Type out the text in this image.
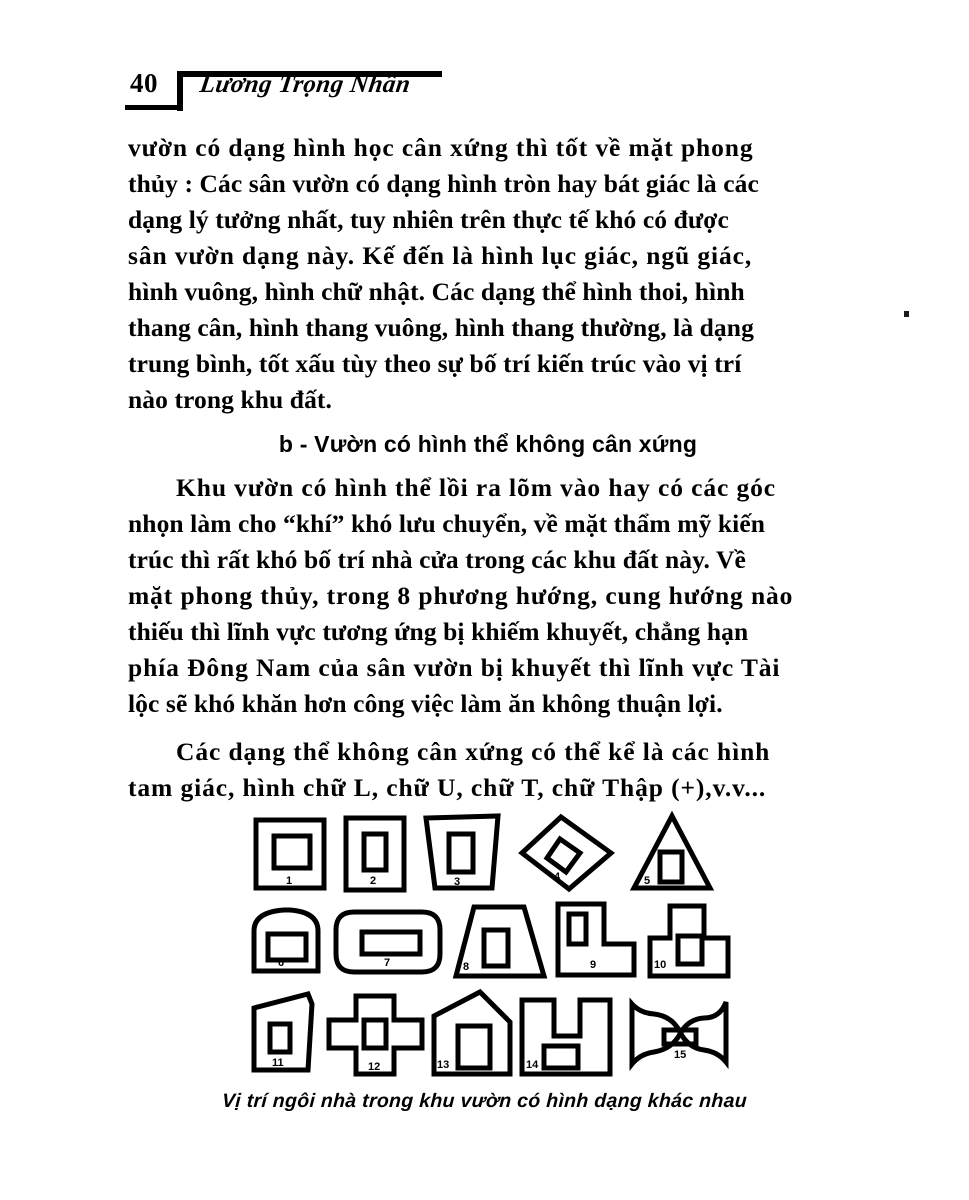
40 Lương Trọng Nhân

vườn có dạng hình học cân xứng thì tốt về mặt phong
thủy : Các sân vườn có dạng hình tròn hay bát giác là các
dạng lý tưởng nhất, tuy nhiên trên thực tế khó có được
sân vườn dạng này. Kế đến là hình lục giác, ngũ giác,
hình vuông, hình chữ nhật. Các dạng thể hình thoi, hình
thang cân, hình thang vuông, hình thang thường, là dạng
trung bình, tốt xấu tùy theo sự bố trí kiến trúc vào vị trí
nào trong khu đất.

b - Vườn có hình thể không cân xứng

Khu vườn có hình thể lồi ra lõm vào hay có các góc
nhọn làm cho “khí” khó lưu chuyển, về mặt thẩm mỹ kiến
trúc thì rất khó bố trí nhà cửa trong các khu đất này. Về
mặt phong thủy, trong 8 phương hướng, cung hướng nào
thiếu thì lĩnh vực tương ứng bị khiếm khuyết, chẳng hạn
phía Đông Nam của sân vườn bị khuyết thì lĩnh vực Tài
lộc sẽ khó khăn hơn công việc làm ăn không thuận lợi.

Các dạng thể không cân xứng có thể kể là các hình
tam giác, hình chữ L, chữ U, chữ T, chữ Thập (+),v.v...

1	2	3	4	5
6	7	8	9	10
11	12	13	14
15
Vị trí ngôi nhà trong khu vườn có hình dạng khác nhau
